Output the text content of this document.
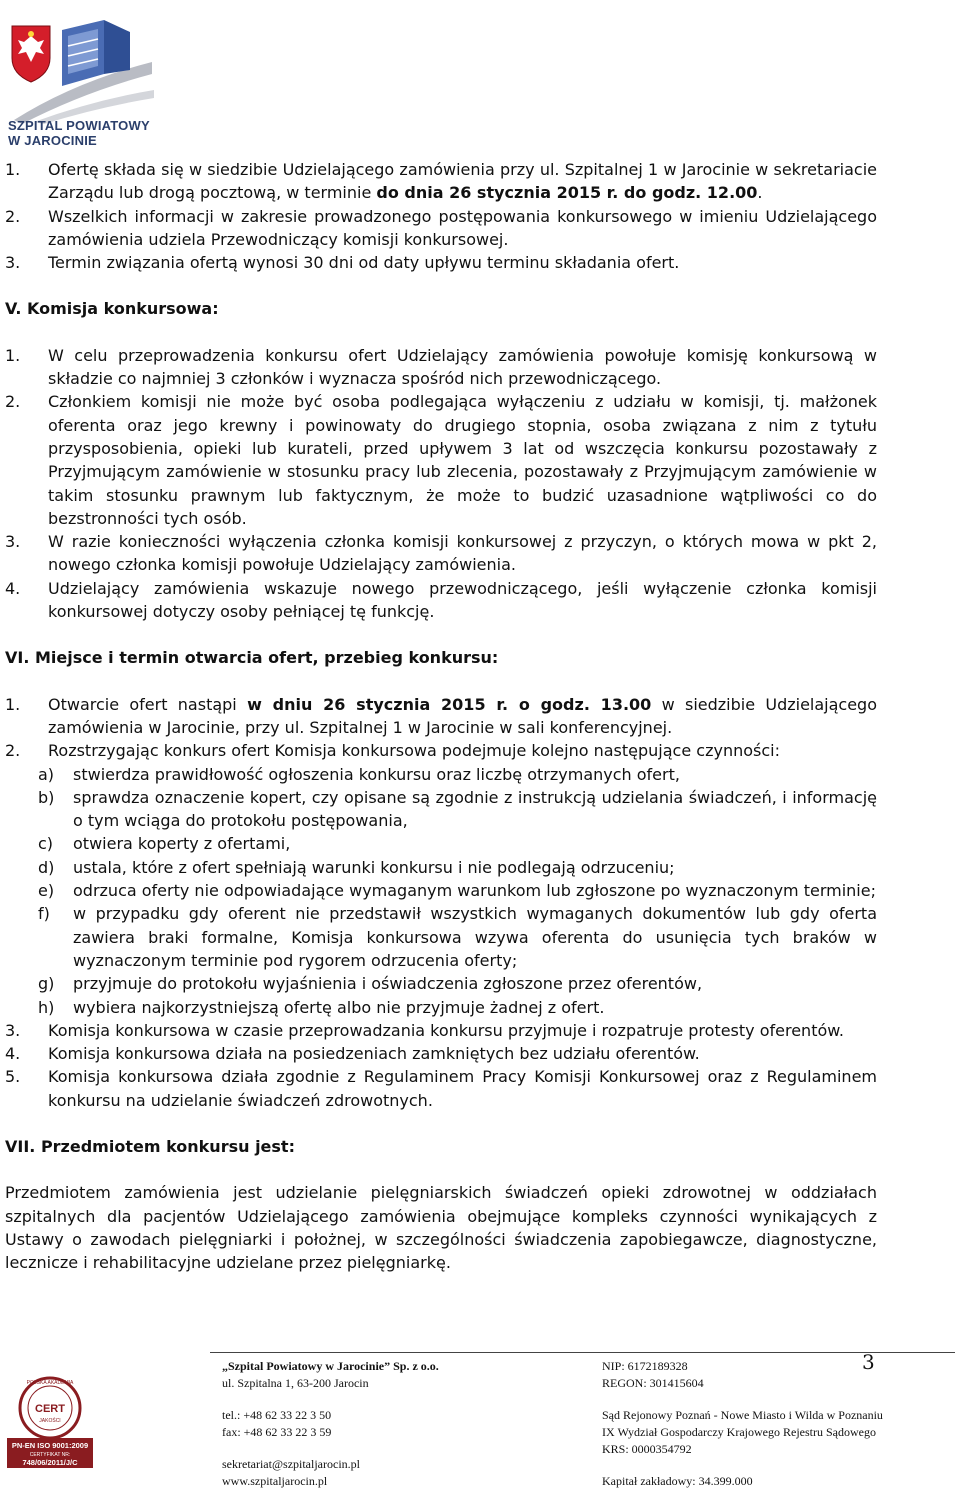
SZPITAL POWIATOWY
W JAROCINIE
1. Ofertę składa się w siedzibie Udzielającego zamówienia przy ul. Szpitalnej 1 w Jarocinie w sekretariacie Zarządu lub drogą pocztową, w terminie do dnia 26 stycznia 2015 r. do godz. 12.00.
2. Wszelkich informacji w zakresie prowadzonego postępowania konkursowego w imieniu Udzielającego zamówienia udziela Przewodniczący komisji konkursowej.
3. Termin związania ofertą wynosi 30 dni od daty upływu terminu składania ofert.
V. Komisja konkursowa:
1. W celu przeprowadzenia konkursu ofert Udzielający zamówienia powołuje komisję konkursową w składzie co najmniej 3 członków i wyznacza spośród nich przewodniczącego.
2. Członkiem komisji nie może być osoba podlegająca wyłączeniu z udziału w komisji, tj. małżonek oferenta oraz jego krewny i powinowaty do drugiego stopnia, osoba związana z nim z tytułu przysposobienia, opieki lub kurateli, przed upływem 3 lat od wszczęcia konkursu pozostawały z Przyjmującym zamówienie w stosunku pracy lub zlecenia, pozostawały z Przyjmującym zamówienie w takim stosunku prawnym lub faktycznym, że może to budzić uzasadnione wątpliwości co do bezstronności tych osób.
3. W razie konieczności wyłączenia członka komisji konkursowej z przyczyn, o których mowa w pkt 2, nowego członka komisji powołuje Udzielający zamówienia.
4. Udzielający zamówienia wskazuje nowego przewodniczącego, jeśli wyłączenie członka komisji konkursowej dotyczy osoby pełniącej tę funkcję.
VI. Miejsce i termin otwarcia ofert, przebieg konkursu:
1. Otwarcie ofert nastąpi w dniu 26 stycznia 2015 r. o godz. 13.00 w siedzibie Udzielającego zamówienia w Jarocinie, przy ul. Szpitalnej 1 w Jarocinie w sali konferencyjnej.
2. Rozstrzygając konkurs ofert Komisja konkursowa podejmuje kolejno następujące czynności:
a) stwierdza prawidłowość ogłoszenia konkursu oraz liczbę otrzymanych ofert,
b) sprawdza oznaczenie kopert, czy opisane są zgodnie z instrukcją udzielania świadczeń, i informację o tym wciąga do protokołu postępowania,
c) otwiera koperty z ofertami,
d) ustala, które z ofert spełniają warunki konkursu i nie podlegają odrzuceniu;
e) odrzuca oferty nie odpowiadające wymaganym warunkom lub zgłoszone po wyznaczonym terminie;
f) w przypadku gdy oferent nie przedstawił wszystkich wymaganych dokumentów lub gdy oferta zawiera braki formalne, Komisja konkursowa wzywa oferenta do usunięcia tych braków w wyznaczonym terminie pod rygorem odrzucenia oferty;
g) przyjmuje do protokołu wyjaśnienia i oświadczenia zgłoszone przez oferentów,
h) wybiera najkorzystniejszą ofertę albo nie przyjmuje żadnej z ofert.
3. Komisja konkursowa w czasie przeprowadzania konkursu przyjmuje i rozpatruje protesty oferentów.
4. Komisja konkursowa działa na posiedzeniach zamkniętych bez udziału oferentów.
5. Komisja konkursowa działa zgodnie z Regulaminem Pracy Komisji Konkursowej oraz z Regulaminem konkursu na udzielanie świadczeń zdrowotnych.
VII. Przedmiotem konkursu jest:
Przedmiotem zamówienia jest udzielanie pielęgniarskich świadczeń opieki zdrowotnej w oddziałach szpitalnych dla pacjentów Udzielającego zamówienia obejmujące kompleks czynności wynikających z Ustawy o zawodach pielęgniarki i położnej, w szczególności świadczenia zapobiegawcze, diagnostyczne, lecznicze i rehabilitacyjne udzielane przez pielęgniarkę.
3
POLSKA AKADEMIA
CERT
JAKOŚCI
PN-EN ISO 9001:2009
CERTYFIKAT NR:
748/06/2011/J/C
„Szpital Powiatowy w Jarocinie” Sp. z o.o.
ul. Szpitalna 1, 63-200 Jarocin
tel.: +48 62 33 22 3 50
fax: +48 62 33 22 3 59
sekretariat@szpitaljarocin.pl
www.szpitaljarocin.pl
NIP: 6172189328
REGON: 301415604
Sąd Rejonowy Poznań - Nowe Miasto i Wilda w Poznaniu
IX Wydział Gospodarczy Krajowego Rejestru Sądowego
KRS: 0000354792
Kapitał zakładowy: 34.399.000
